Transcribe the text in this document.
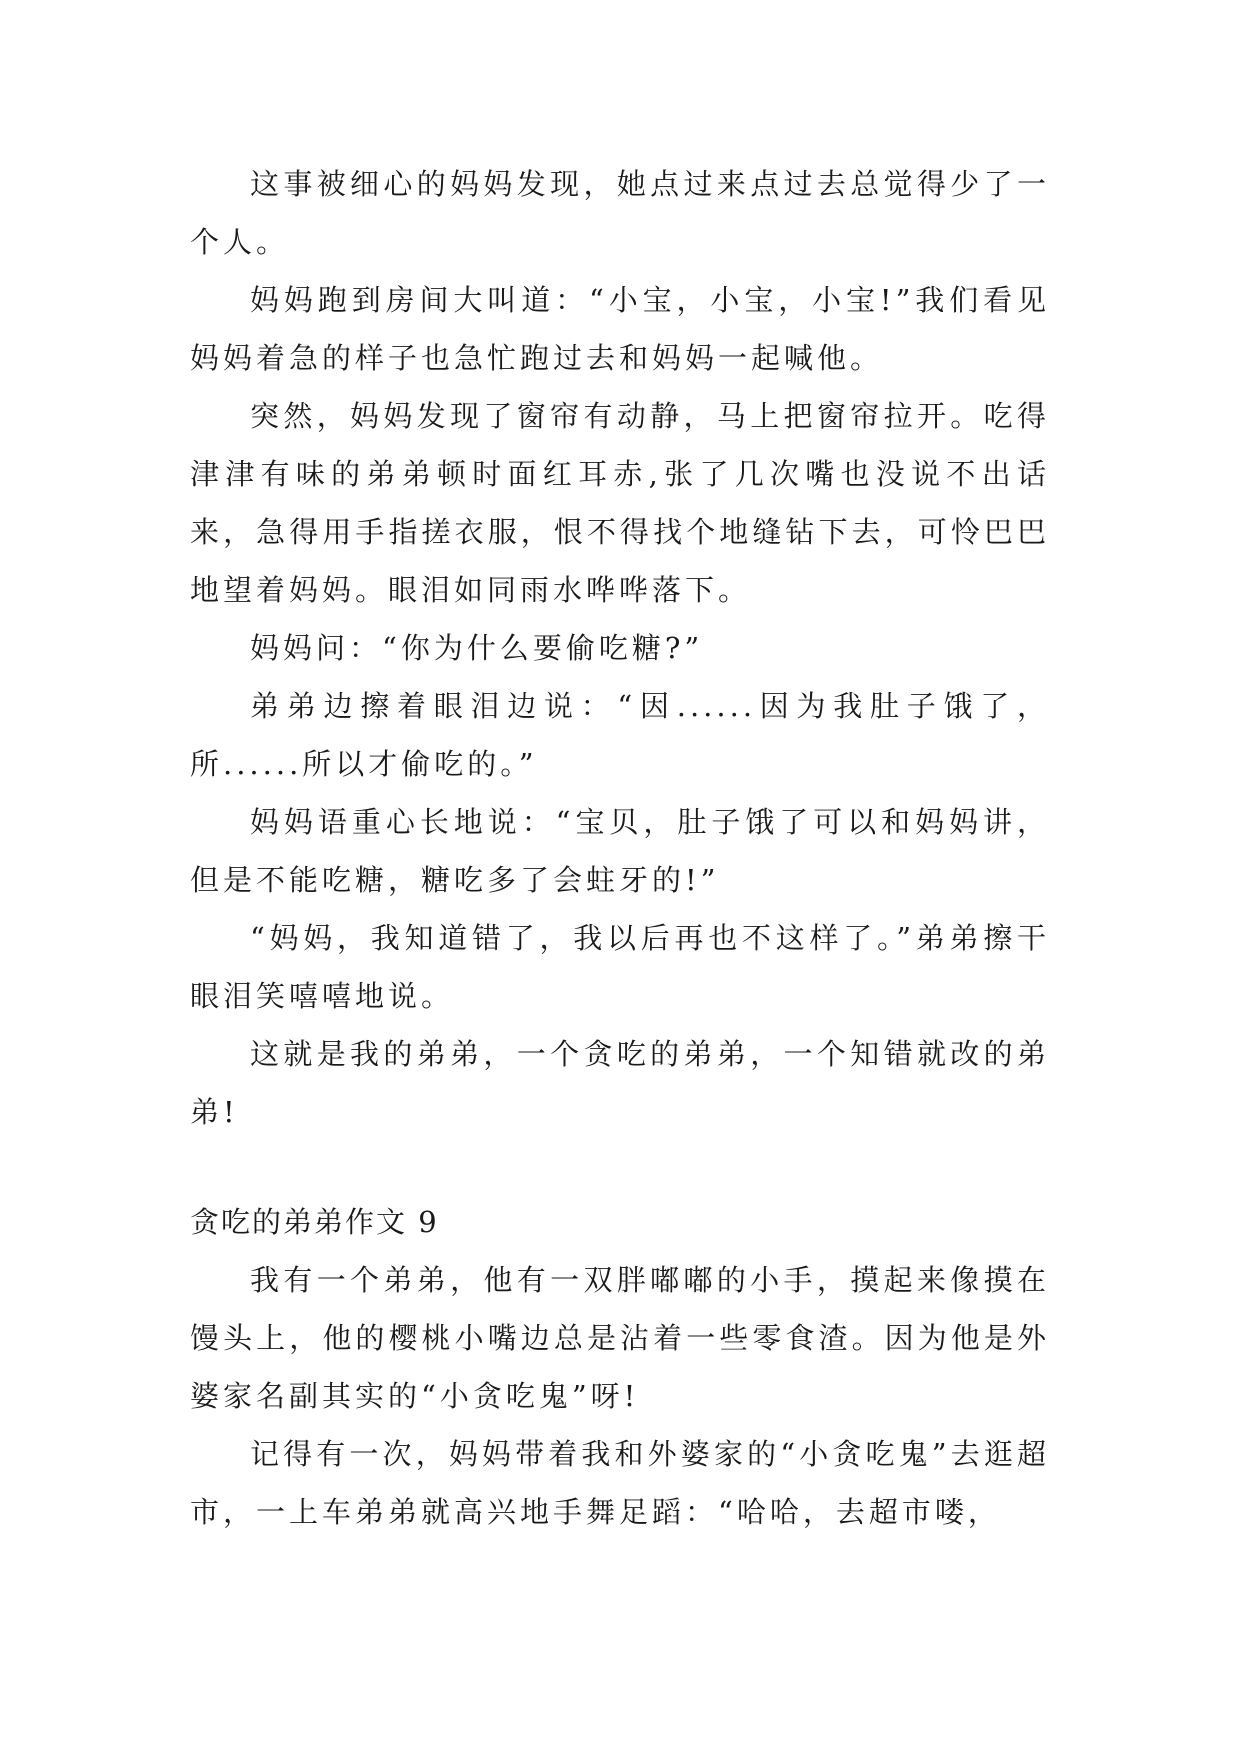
这事被细心的妈妈发现，她点过来点过去总觉得少了一个人。

妈妈跑到房间大叫道：“小宝，小宝，小宝!”我们看见妈妈着急的样子也急忙跑过去和妈妈一起喊他。

突然，妈妈发现了窗帘有动静，马上把窗帘拉开。吃得津津有味的弟弟顿时面红耳赤,张了几次嘴也没说不出话来，急得用手指搓衣服，恨不得找个地缝钻下去，可怜巴巴地望着妈妈。眼泪如同雨水哗哗落下。

妈妈问：“你为什么要偷吃糖?”

弟弟边擦着眼泪边说：“因......因为我肚子饿了，所......所以才偷吃的。”

妈妈语重心长地说：“宝贝，肚子饿了可以和妈妈讲，但是不能吃糖，糖吃多了会蛀牙的!”

“妈妈，我知道错了，我以后再也不这样了。”弟弟擦干眼泪笑嘻嘻地说。

这就是我的弟弟，一个贪吃的弟弟，一个知错就改的弟弟!

贪吃的弟弟作文 9

我有一个弟弟，他有一双胖嘟嘟的小手，摸起来像摸在馒头上，他的樱桃小嘴边总是沾着一些零食渣。因为他是外婆家名副其实的“小贪吃鬼”呀!

记得有一次，妈妈带着我和外婆家的“小贪吃鬼”去逛超市，一上车弟弟就高兴地手舞足蹈：“哈哈，去超市喽，
